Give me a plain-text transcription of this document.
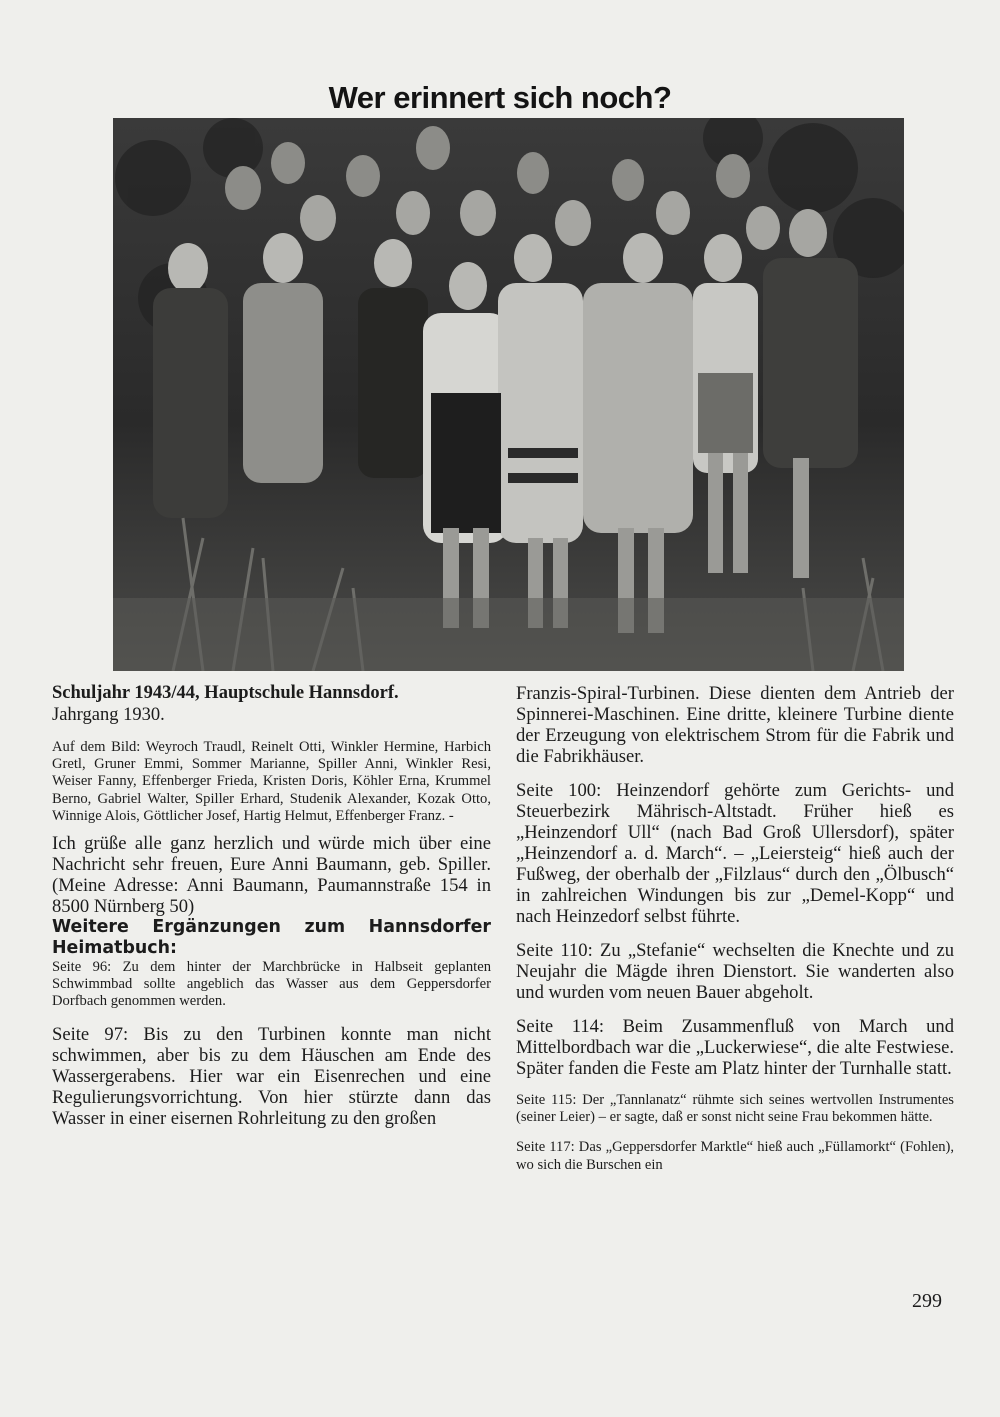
Wer erinnert sich noch?

Schuljahr 1943/44, Hauptschule Hannsdorf.

Jahrgang 1930.

Auf dem Bild: Weyroch Traudl, Reinelt Otti, Winkler Hermine, Harbich Gretl, Gruner Emmi, Sommer Marianne, Spiller Anni, Winkler Resi, Weiser Fanny, Effenberger Frieda, Kristen Doris, Köhler Erna, Krummel Berno, Gabriel Walter, Spiller Erhard, Studenik Alexander, Kozak Otto, Winnige Alois, Göttlicher Josef, Hartig Helmut, Effenberger Franz. -

Ich grüße alle ganz herzlich und würde mich über eine Nachricht sehr freuen, Eure Anni Baumann, geb. Spiller. (Meine Adresse: Anni Baumann, Paumannstraße 154 in 8500 Nürnberg 50)

Weitere Ergänzungen zum Hannsdorfer Heimatbuch:

Seite 96: Zu dem hinter der Marchbrücke in Halbseit geplanten Schwimmbad sollte angeblich das Wasser aus dem Geppersdorfer Dorfbach genommen werden.

Seite 97: Bis zu den Turbinen konnte man nicht schwimmen, aber bis zu dem Häuschen am Ende des Wassergerabens. Hier war ein Eisenrechen und eine Regulierungsvorrichtung. Von hier stürzte dann das Wasser in einer eisernen Rohrleitung zu den großen

Franzis-Spiral-Turbinen. Diese dienten dem Antrieb der Spinnerei-Maschinen. Eine dritte, kleinere Turbine diente der Erzeugung von elektrischem Strom für die Fabrik und die Fabrikhäuser.

Seite 100: Heinzendorf gehörte zum Gerichts- und Steuerbezirk Mährisch-Altstadt. Früher hieß es „Heinzendorf Ull“ (nach Bad Groß Ullersdorf), später „Heinzendorf a. d. March“. – „Leiersteig“ hieß auch der Fußweg, der oberhalb der „Filzlaus“ durch den „Ölbusch“ in zahlreichen Windungen bis zur „Demel-Kopp“ und nach Heinzedorf selbst führte.

Seite 110: Zu „Stefanie“ wechselten die Knechte und zu Neujahr die Mägde ihren Dienstort. Sie wanderten also und wurden vom neuen Bauer abgeholt.

Seite 114: Beim Zusammenfluß von March und Mittelbordbach war die „Luckerwiese“, die alte Festwiese. Später fanden die Feste am Platz hinter der Turnhalle statt.

Seite 115: Der „Tannlanatz“ rühmte sich seines wertvollen Instrumentes (seiner Leier) – er sagte, daß er sonst nicht seine Frau bekommen hätte.

Seite 117: Das „Geppersdorfer Marktle“ hieß auch „Füllamorkt“ (Fohlen), wo sich die Burschen ein

299
